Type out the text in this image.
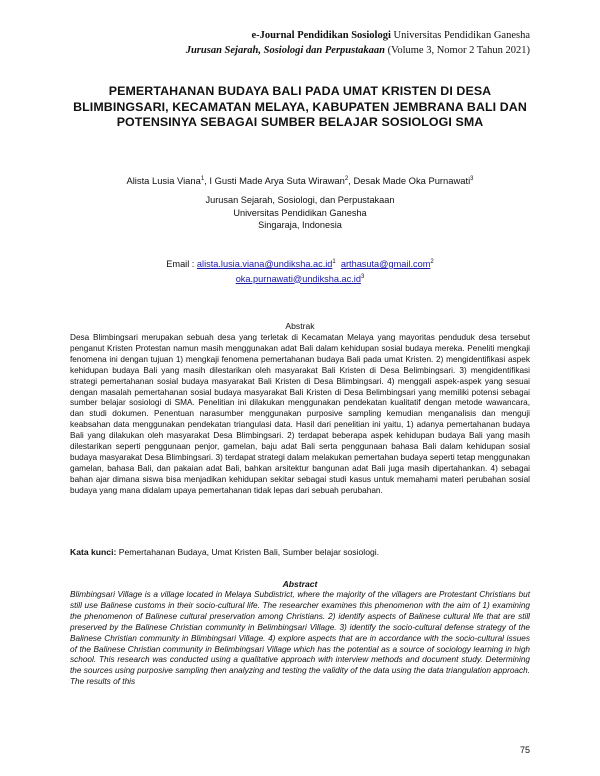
e-Journal Pendidikan Sosiologi Universitas Pendidikan Ganesha
Jurusan Sejarah, Sosiologi dan Perpustakaan (Volume 3, Nomor 2 Tahun 2021)
PEMERTAHANAN BUDAYA BALI PADA UMAT KRISTEN DI DESA BLIMBINGSARI, KECAMATAN MELAYA, KABUPATEN JEMBRANA BALI DAN POTENSINYA SEBAGAI SUMBER BELAJAR SOSIOLOGI SMA
Alista Lusia Viana$^1$, I Gusti Made Arya Suta Wirawan$^2$, Desak Made Oka Purnawati$^3$
Jurusan Sejarah, Sosiologi, dan Perpustakaan
Universitas Pendidikan Ganesha
Singaraja, Indonesia
Email : $alista.lusia.viana@undiksha.ac.id^1$ arthasuta@gmail.com$^2$
$oka.purnawati@undiksha.ac.id^3$
Abstrak
Desa Blimbingsari merupakan sebuah desa yang terletak di Kecamatan Melaya yang mayoritas penduduk desa tersebut penganut Kristen Protestan namun masih menggunakan adat Bali dalam kehidupan sosial budaya mereka. Peneliti mengkaji fenomena ini dengan tujuan 1) mengkaji fenomena pemertahanan budaya Bali pada umat Kristen. 2) mengidentifikasi aspek kehidupan budaya Bali yang masih dilestarikan oleh masyarakat Bali Kristen di Desa Belimbingsari. 3) mengidentifikasi strategi pemertahanan sosial budaya masyarakat Bali Kristen di Desa Blimbingsari. 4) menggali aspek-aspek yang sesuai dengan masalah pemertahanan sosial budaya masyarakat Bali Kristen di Desa Belimbingsari yang memiliki potensi sebagai sumber belajar sosiologi di SMA. Penelitian ini dilakukan menggunakan pendekatan kualitatif dengan metode wawancara, dan studi dokumen. Penentuan narasumber menggunakan purposive sampling kemudian menganalisis dan menguji keabsahan data menggunakan pendekatan triangulasi data. Hasil dari penelitian ini yaitu, 1) adanya pemertahanan budaya Bali yang dilakukan oleh masyarakat Desa Blimbingsari. 2) terdapat beberapa aspek kehidupan budaya Bali yang masih dilestarikan seperti penggunaan penjor, gamelan, baju adat Bali serta penggunaan bahasa Bali dalam kehidupan sosial budaya masyarakat Desa Blimbingsari. 3) terdapat strategi dalam melakukan pemertahan budaya seperti tetap menggunakan gamelan, bahasa Bali, dan pakaian adat Bali, bahkan arsitektur bangunan adat Bali juga masih dipertahankan. 4) sebagai bahan ajar dimana siswa bisa menjadikan kehidupan sekitar sebagai studi kasus untuk memahami materi perubahan sosial budaya yang mana didalam upaya pemertahanan tidak lepas dari sebuah perubahan.
Kata kunci: Pemertahanan Budaya, Umat Kristen Bali, Sumber belajar sosiologi.
Abstract
Blimbingsari Village is a village located in Melaya Subdistrict, where the majority of the villagers are Protestant Christians but still use Balinese customs in their socio-cultural life. The researcher examines this phenomenon with the aim of 1) examining the phenomenon of Balinese cultural preservation among Christians. 2) identify aspects of Balinese cultural life that are still preserved by the Balinese Christian community in Belimbingsari Village. 3) identify the socio-cultural defense strategy of the Balinese Christian community in Blimbingsari Village. 4) explore aspects that are in accordance with the socio-cultural issues of the Balinese Christian community in Belimbingsari Village which has the potential as a source of sociology learning in high school. This research was conducted using a qualitative approach with interview methods and document study. Determining the sources using purposive sampling then analyzing and testing the validity of the data using the data triangulation approach. The results of this
75
